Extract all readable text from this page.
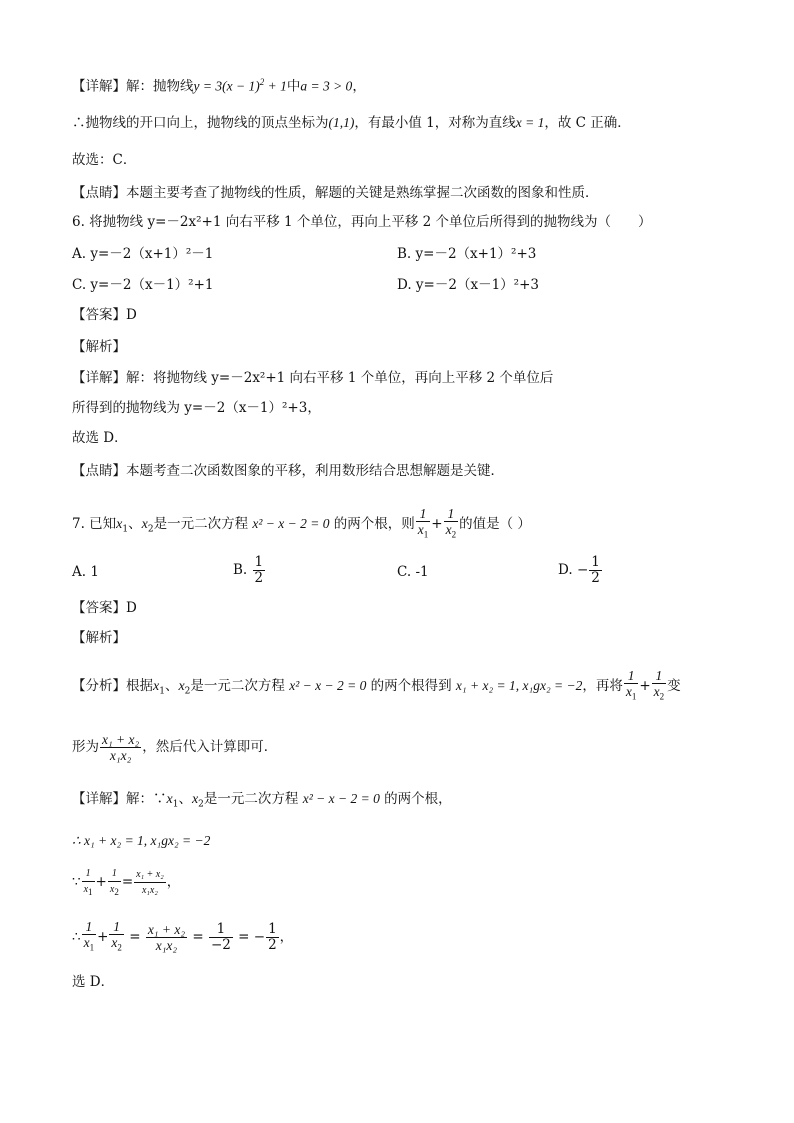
【详解】解：抛物线$y = 3(x - 1)^2 + 1$中a = 3 > 0，
∴抛物线的开口向上，抛物线的顶点坐标为(1,1)，有最小值 1，对称为直线x = 1，故 C 正确．
故选：C．
【点睛】本题主要考查了抛物线的性质，解题的关键是熟练掌握二次函数的图象和性质．
6. 将抛物线 y=－2x²+1 向右平移 1 个单位，再向上平移 2 个单位后所得到的抛物线为（　　）
A. y=－2（x+1）²－1	B. y=－2（x+1）²+3
C. y=－2（x－1）²+1	D. y=－2（x－1）²+3
【答案】D
【解析】
【详解】解：将抛物线 y=－2x²+1 向右平移 1 个单位，再向上平移 2 个单位后
所得到的抛物线为 y=－2（x－1）²+3，
故选 D．
【点睛】本题考查二次函数图象的平移，利用数形结合思想解题是关键．
7. 已知$x_1$、$x_2$是一元二次方程 x² − x − 2 = 0 的两个根，则 $\frac{1}{x_1} + \frac{1}{x_2}$ 的值是（ ）
A. 1	B. $\frac{1}{2}$	C. -1	D. − $\frac{1}{2}$
【答案】D
【解析】
【分析】根据$x_1$、$x_2$是一元二次方程 x² − x − 2 = 0 的两个根得到 x₁ + x₂ = 1, x₁gx₂ = −2，再将 $\frac{1}{x_1} + \frac{1}{x_2}$ 变
形为 $\frac{\text{x₁ + x₂}}{\text{x₁x₂}}$ ，然后代入计算即可．
【详解】解：$\because x_1$、$x_2$是一元二次方程 x² − x − 2 = 0 的两个根，
∴ x₁ + x₂ = 1, x₁gx₂ = −2
∵ $\frac{1}{x1} + \frac{1}{x2} = \frac{\text{x₁ + x₂}}{\text{x₁x₂}}$ ，
∴ $\frac{1}{x_1} + \frac{1}{x_2} = \frac{\text{x₁ + x₂}}{\text{x₁x₂}} = \frac{1}{-2}$ = − $\frac{1}{2}$ ，
选 D．
